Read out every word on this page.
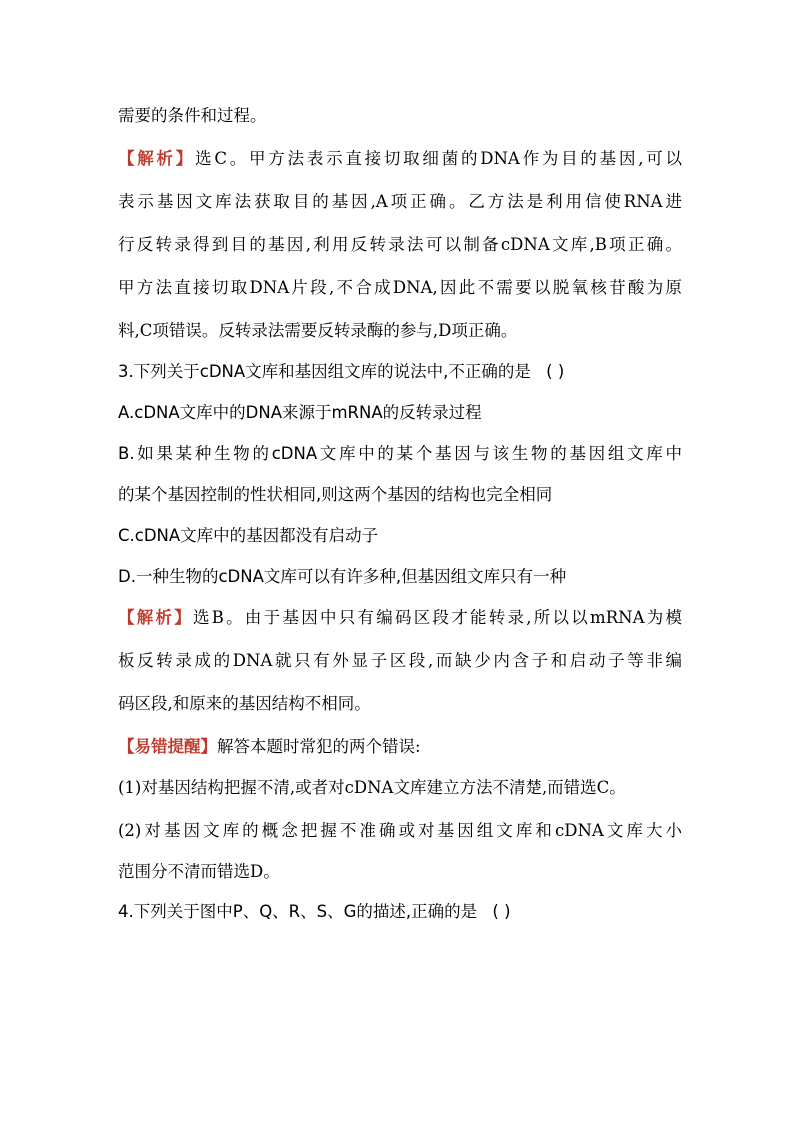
需要的条件和过程。
【解析】选C。甲方法表示直接切取细菌的DNA作为目的基因,可以
表示基因文库法获取目的基因,A项正确。乙方法是利用信使RNA进
行反转录得到目的基因,利用反转录法可以制备cDNA文库,B项正确。
甲方法直接切取DNA片段,不合成DNA,因此不需要以脱氧核苷酸为原
料,C项错误。反转录法需要反转录酶的参与,D项正确。
3.下列关于cDNA文库和基因组文库的说法中,不正确的是 ( )
A.cDNA文库中的DNA来源于mRNA的反转录过程
B.如果某种生物的cDNA文库中的某个基因与该生物的基因组文库中
的某个基因控制的性状相同,则这两个基因的结构也完全相同
C.cDNA文库中的基因都没有启动子
D.一种生物的cDNA文库可以有许多种,但基因组文库只有一种
【解析】选B。由于基因中只有编码区段才能转录,所以以mRNA为模
板反转录成的DNA就只有外显子区段,而缺少内含子和启动子等非编
码区段,和原来的基因结构不相同。
【易错提醒】解答本题时常犯的两个错误:
(1)对基因结构把握不清,或者对cDNA文库建立方法不清楚,而错选C。
(2)对基因文库的概念把握不准确或对基因组文库和cDNA文库大小
范围分不清而错选D。
4.下列关于图中P、Q、R、S、G的描述,正确的是 ( )
